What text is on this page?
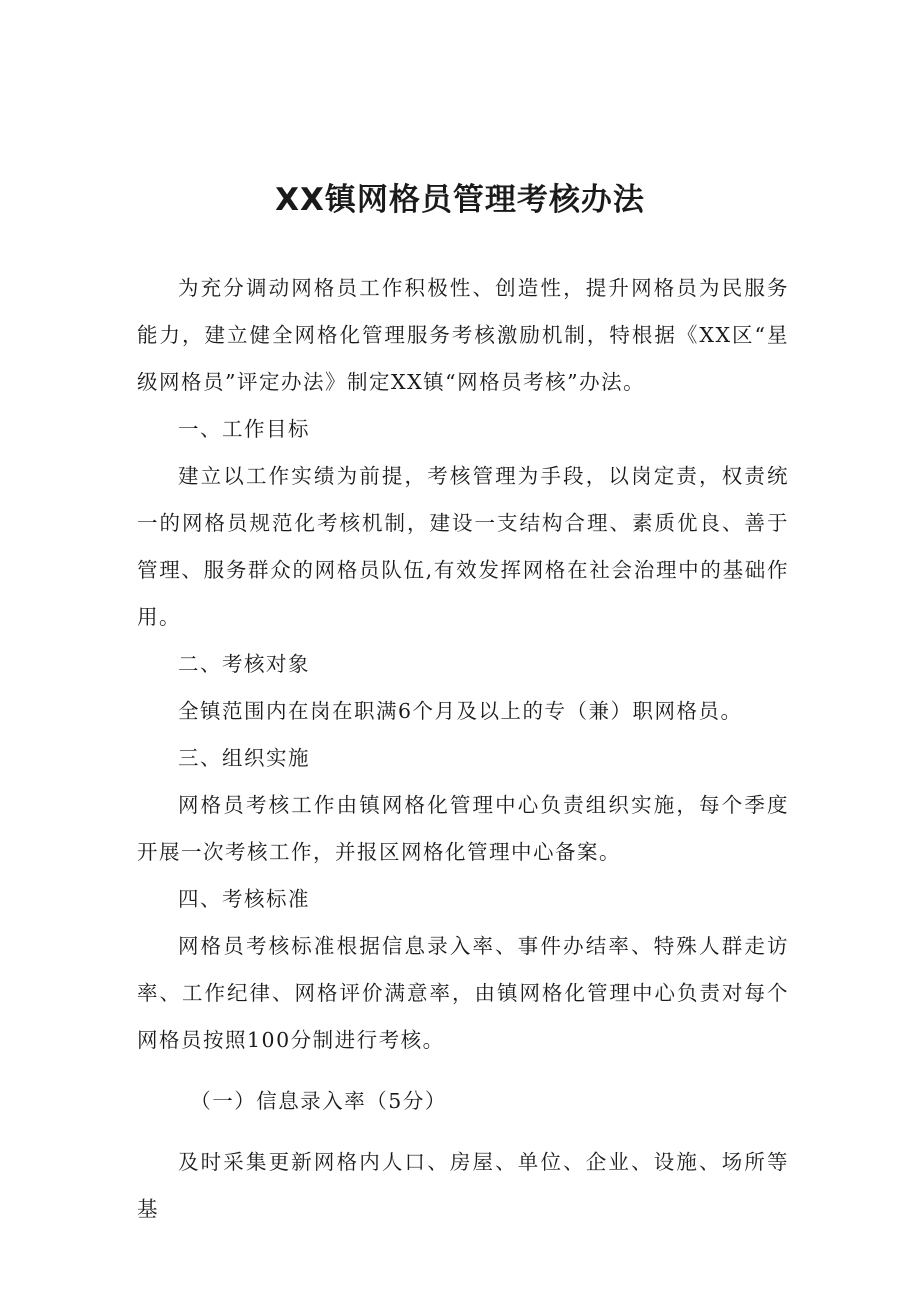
XX镇网格员管理考核办法

为充分调动网格员工作积极性、创造性，提升网格员为民服务能力，建立健全网格化管理服务考核激励机制，特根据《XX区“星级网格员”评定办法》制定XX镇“网格员考核”办法。

一、工作目标

建立以工作实绩为前提，考核管理为手段，以岗定责，权责统一的网格员规范化考核机制，建设一支结构合理、素质优良、善于管理、服务群众的网格员队伍,有效发挥网格在社会治理中的基础作用。

二、考核对象

全镇范围内在岗在职满6个月及以上的专（兼）职网格员。

三、组织实施

网格员考核工作由镇网格化管理中心负责组织实施，每个季度开展一次考核工作，并报区网格化管理中心备案。

四、考核标准

网格员考核标准根据信息录入率、事件办结率、特殊人群走访率、工作纪律、网格评价满意率，由镇网格化管理中心负责对每个网格员按照100分制进行考核。

（一）信息录入率（5分）

及时采集更新网格内人口、房屋、单位、企业、设施、场所等基
